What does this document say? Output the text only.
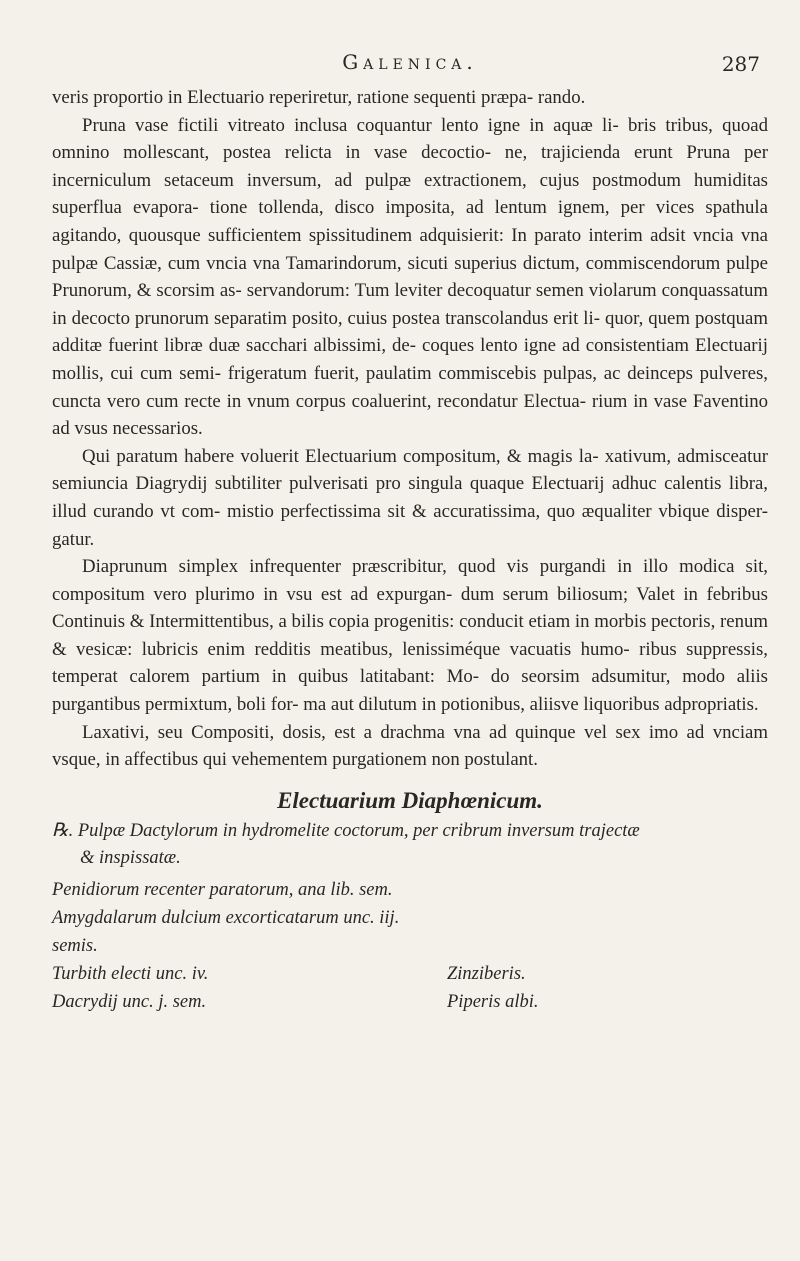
Galenica.	287

veris proportio in Electuario reperiretur, ratione sequenti præpa- rando.

Pruna vase fictili vitreato inclusa coquantur lento igne in aquæ li- bris tribus, quoad omnino mollescant, postea relicta in vase decoctio- ne, trajicienda erunt Pruna per incerniculum setaceum inversum, ad pulpæ extractionem, cujus postmodum humiditas superflua evapora- tione tollenda, disco imposita, ad lentum ignem, per vices spathula agitando, quousque sufficientem spissitudinem adquisierit: In parato interim adsit vncia vna pulpæ Cassiæ, cum vncia vna Tamarindorum, sicuti superius dictum, commiscendorum pulpe Prunorum, & scorsim as- servandorum: Tum leviter decoquatur semen violarum conquassatum in decocto prunorum separatim posito, cuius postea transcolandus erit li- quor, quem postquam additæ fuerint libræ duæ sacchari albissimi, de- coques lento igne ad consistentiam Electuarij mollis, cui cum semi- frigeratum fuerit, paulatim commiscebis pulpas, ac deinceps pulveres, cuncta vero cum recte in vnum corpus coaluerint, recondatur Electua- rium in vase Faventino ad vsus necessarios.

Qui paratum habere voluerit Electuarium compositum, & magis la- xativum, admisceatur semiuncia Diagrydij subtiliter pulverisati pro singula quaque Electuarij adhuc calentis libra, illud curando vt com- mistio perfectissima sit & accuratissima, quo æqualiter vbique disper- gatur.

Diaprunum simplex infrequenter præscribitur, quod vis purgandi in illo modica sit, compositum vero plurimo in vsu est ad expurgan- dum serum biliosum; Valet in febribus Continuis & Intermittentibus, a bilis copia progenitis: conducit etiam in morbis pectoris, renum & vesicæ: lubricis enim redditis meatibus, lenissiméque vacuatis humo- ribus suppressis, temperat calorem partium in quibus latitabant: Mo- do seorsim adsumitur, modo aliis purgantibus permixtum, boli for- ma aut dilutum in potionibus, aliisve liquoribus adpropriatis.

Laxativi, seu Compositi, dosis, est a drachma vna ad quinque vel sex imo ad vnciam vsque, in affectibus qui vehementem purgationem non postulant.

Electuarium Diaphœnicum.

℞. Pulpæ Dactylorum in hydromelite coctorum, per cribrum inversum trajectæ

& inspissatæ.

Penidiorum recenter paratorum, ana lib. sem.
Amygdalarum dulcium excorticatarum unc. iij. semis.
Turbith electi unc. iv.	Zinziberis.
Dacrydij unc. j. sem.	Piperis albi.
